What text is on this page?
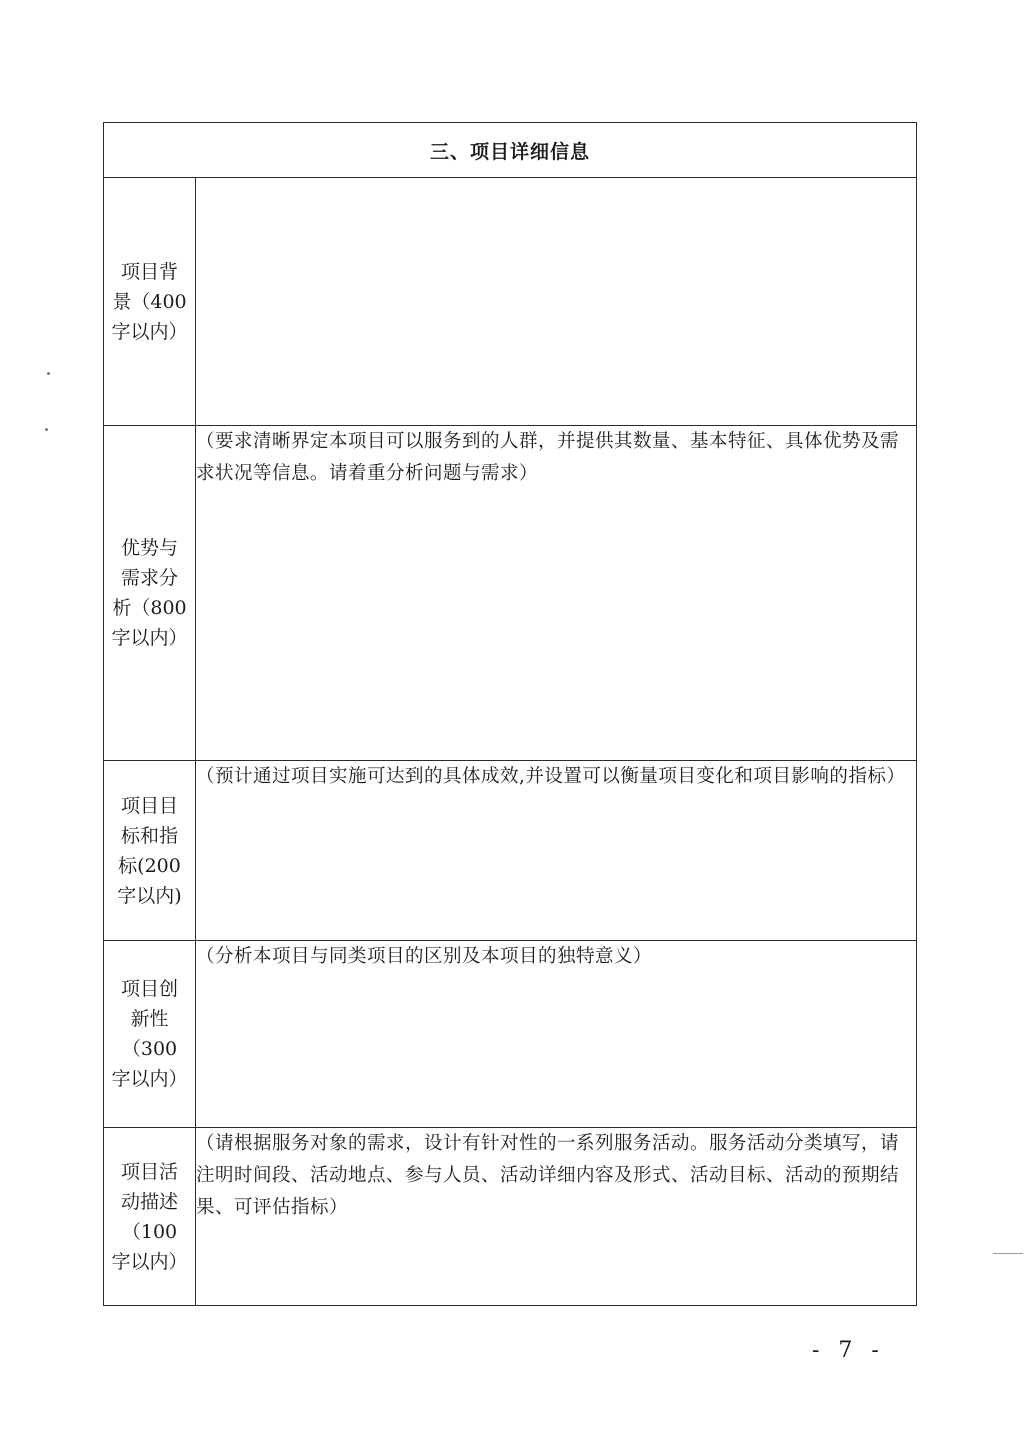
三、项目详细信息	

项目背
景（400
字以内）	

优势与
需求分
析（800
字以内）	（要求清晰界定本项目可以服务到的人群，并提供其数量、基本特征、具体优势及需求状况等信息。请着重分析问题与需求）

项目目
标和指
标(200
字以内)	（预计通过项目实施可达到的具体成效,并设置可以衡量项目变化和项目影响的指标）

项目创
新性
（300
字以内）	（分析本项目与同类项目的区别及本项目的独特意义）

项目活
动描述
（100
字以内）	（请根据服务对象的需求，设计有针对性的一系列服务活动。服务活动分类填写，请注明时间段、活动地点、参与人员、活动详细内容及形式、活动目标、活动的预期结果、可评估指标）

- 7 -
